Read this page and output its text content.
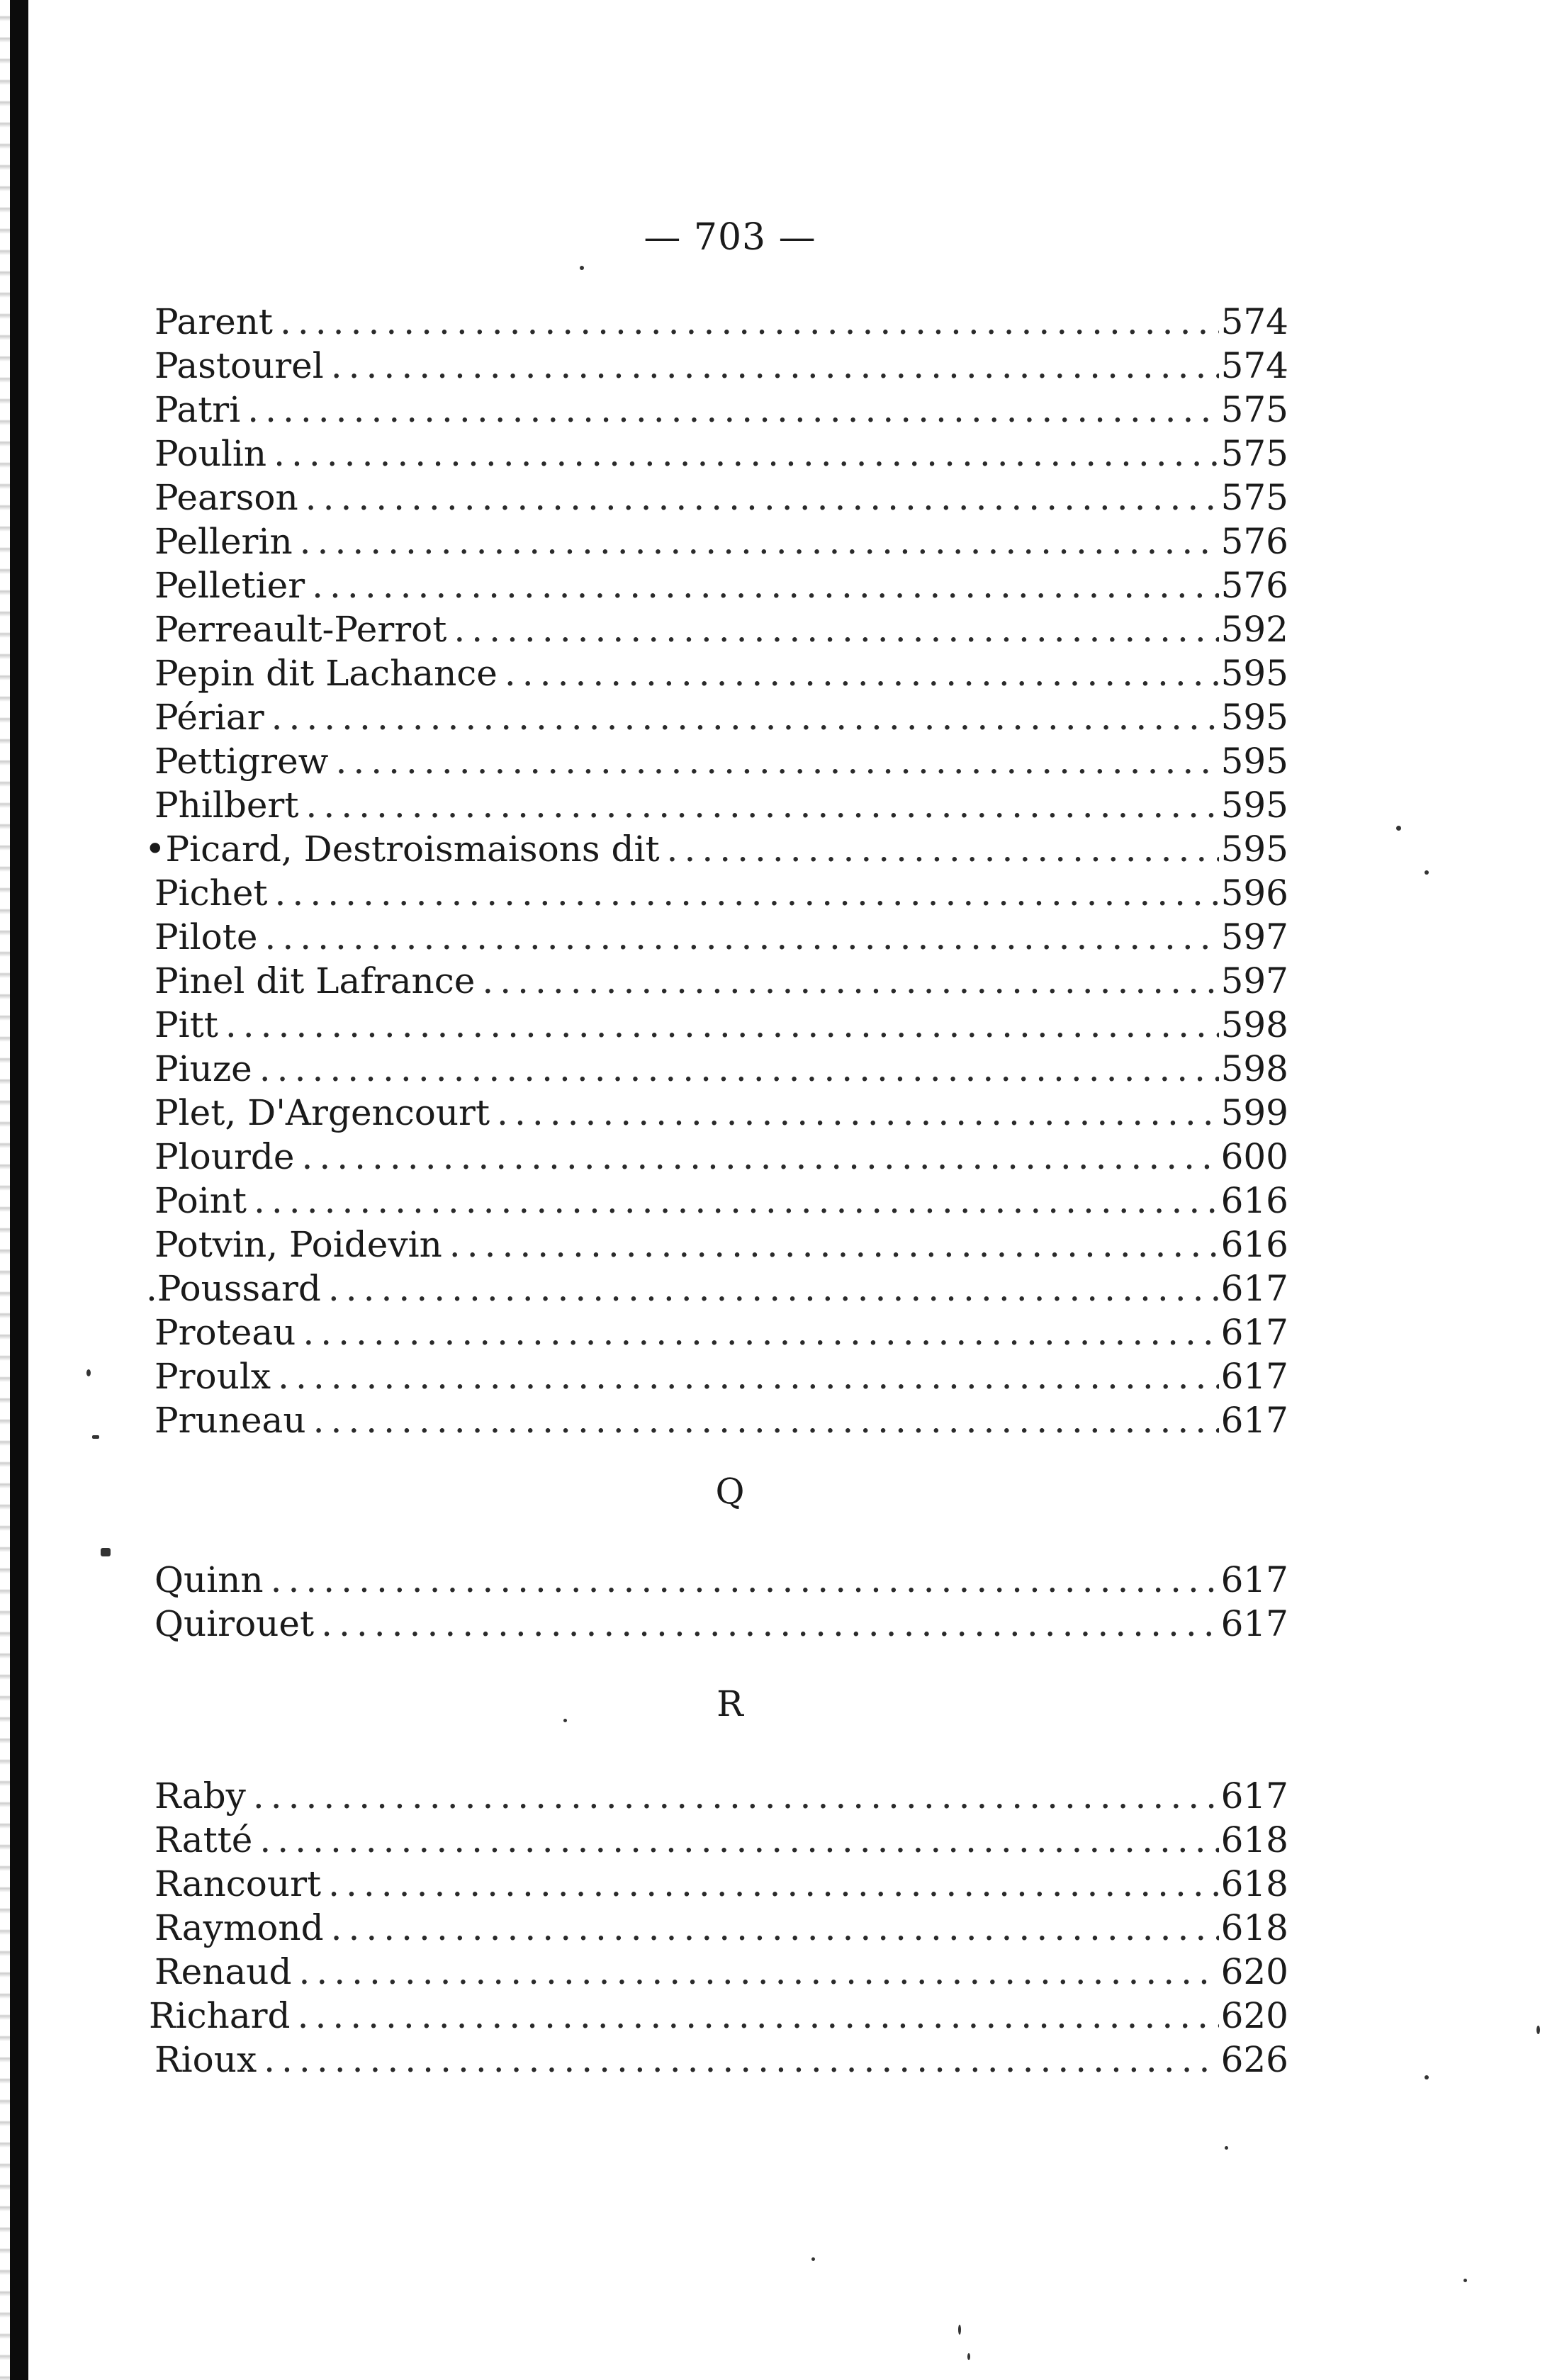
— 703 —
Parent .....	574
Pastourel .....	574
Patri .....	575
Poulin .....	575
Pearson .....	575
Pellerin .....	576
Pelletier .....	576
Perreault-Perrot .....	592
Pepin dit Lachance .....	595
Périar .....	595
Pettigrew .....	595
Philbert .....	595
•Picard, Destroismaisons dit .....	595
Pichet .....	596
Pilote .....	597
Pinel dit Lafrance .....	597
Pitt .....	598
Piuze .....	598
Plet, D'Argencourt .....	599
Plourde .....	600
Point .....	616
Potvin, Poidevin .....	616
.Poussard .....	617
Proteau .....	617
Proulx .....	617
Pruneau .....	617
Q
Quinn .....	617
Quirouet .....	617
R
Raby .....	617
Ratté .....	618
Rancourt .....	618
Raymond .....	618
Renaud .....	620
Richard .....	620
Rioux .....	626
